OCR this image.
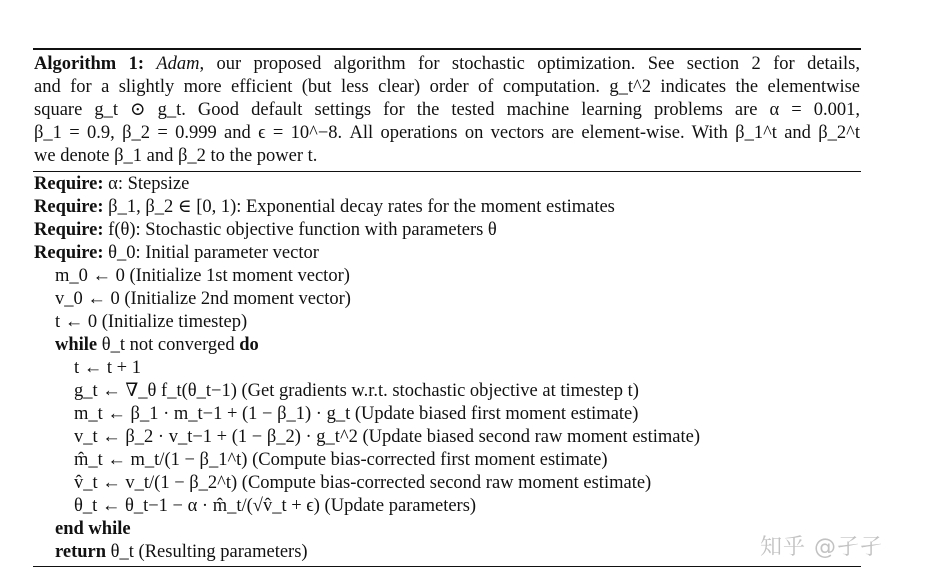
Algorithm 1: Adam, our proposed algorithm for stochastic optimization. See section 2 for details,
and for a slightly more efficient (but less clear) order of computation. g_t^2 indicates the elementwise
square g_t ⊙ g_t. Good default settings for the tested machine learning problems are α = 0.001,
β_1 = 0.9, β_2 = 0.999 and ϵ = 10^−8. All operations on vectors are element-wise. With β_1^t and β_2^t
we denote β_1 and β_2 to the power t.
Require: α: Stepsize
Require: β_1, β_2 ∈ [0, 1): Exponential decay rates for the moment estimates
Require: f(θ): Stochastic objective function with parameters θ
Require: θ_0: Initial parameter vector
m_0 ← 0 (Initialize 1st moment vector)
v_0 ← 0 (Initialize 2nd moment vector)
t ← 0 (Initialize timestep)
while θ_t not converged do
t ← t + 1
g_t ← ∇_θ f_t(θ_t−1) (Get gradients w.r.t. stochastic objective at timestep t)
m_t ← β_1 · m_t−1 + (1 − β_1) · g_t (Update biased first moment estimate)
v_t ← β_2 · v_t−1 + (1 − β_2) · g_t^2 (Update biased second raw moment estimate)
m̂_t ← m_t/(1 − β_1^t) (Compute bias-corrected first moment estimate)
v̂_t ← v_t/(1 − β_2^t) (Compute bias-corrected second raw moment estimate)
θ_t ← θ_t−1 − α · m̂_t/(√v̂_t + ϵ) (Update parameters)
end while
return θ_t (Resulting parameters)	知乎 @孑孑
